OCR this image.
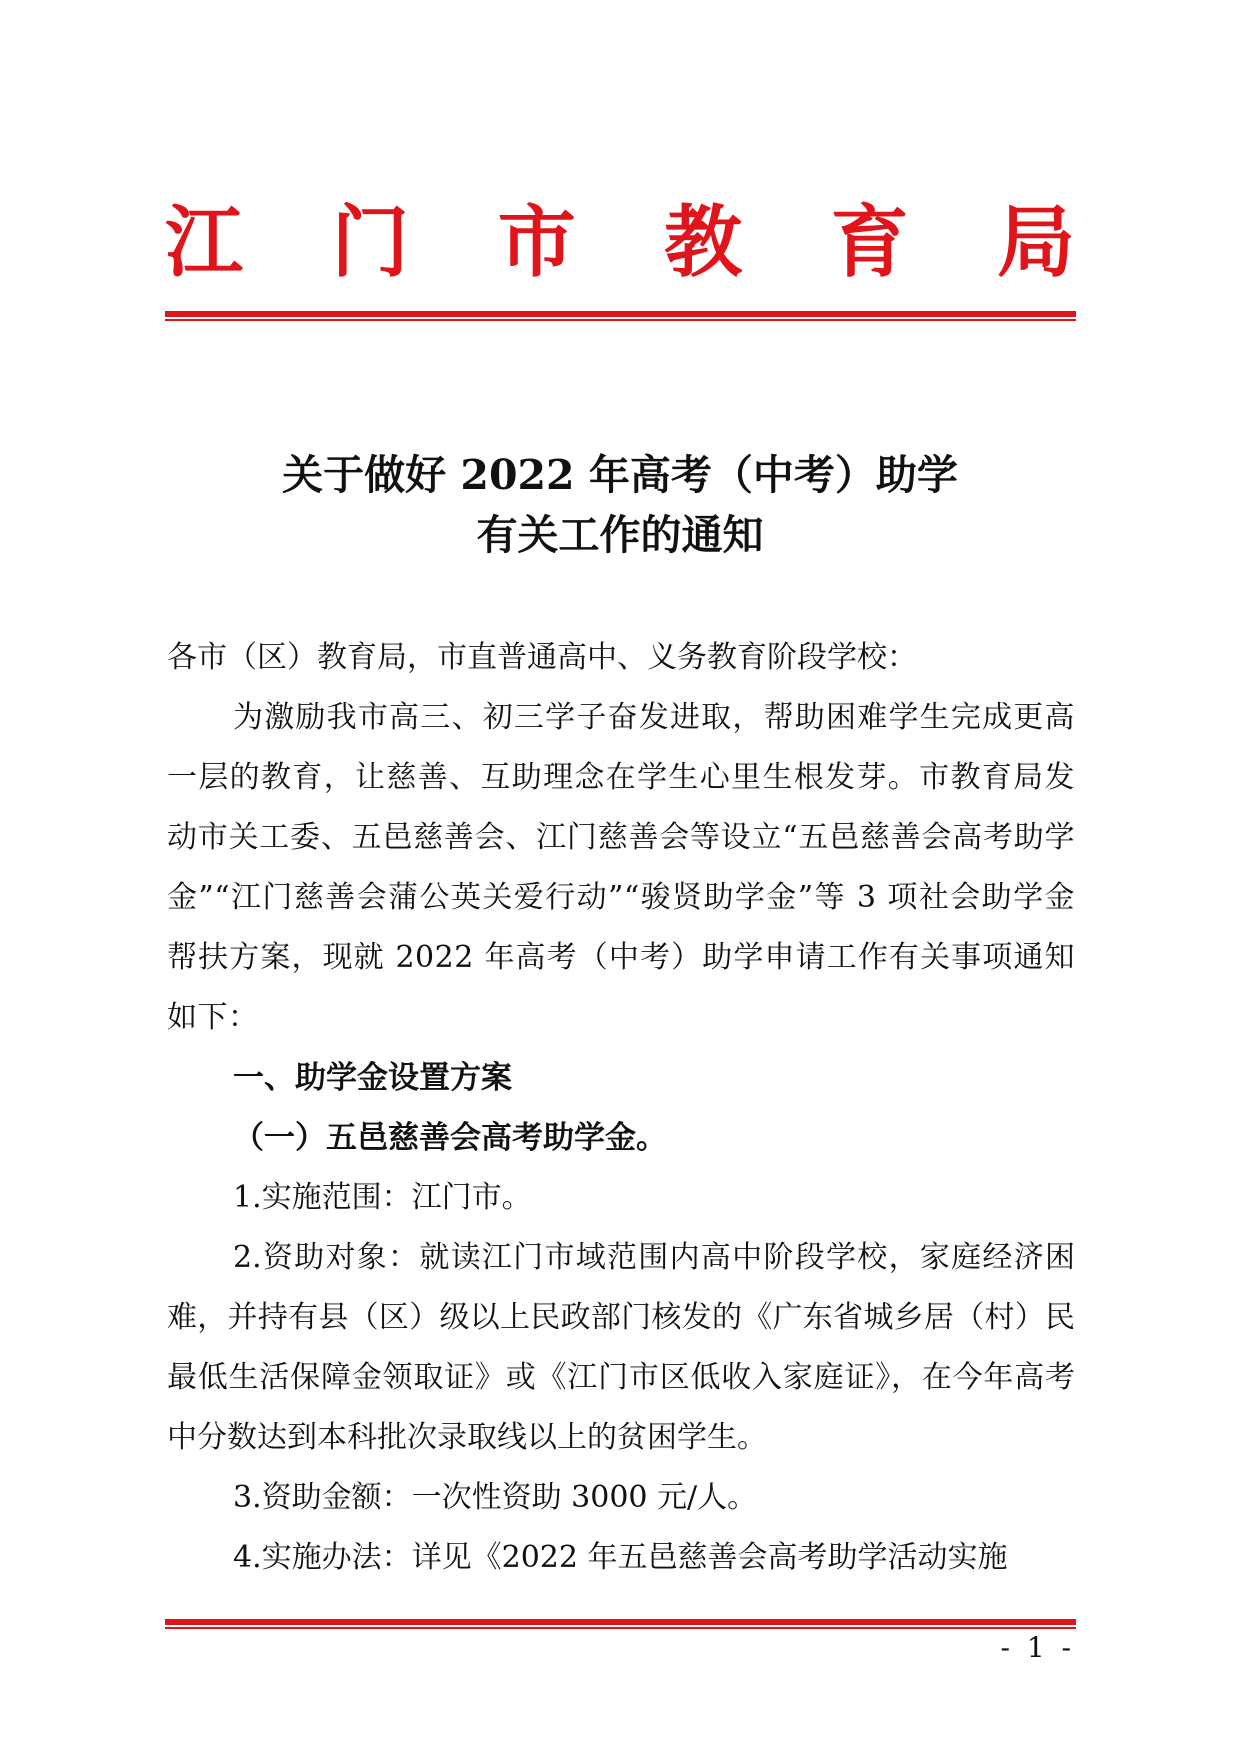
江 门 市 教 育 局
关于做好 2022 年高考（中考）助学
有关工作的通知

各市（区）教育局，市直普通高中、义务教育阶段学校：

为激励我市高三、初三学子奋发进取，帮助困难学生完成更高一层的教育，让慈善、互助理念在学生心里生根发芽。市教育局发动市关工委、五邑慈善会、江门慈善会等设立“五邑慈善会高考助学金”“江门慈善会蒲公英关爱行动”“骏贤助学金”等 3 项社会助学金帮扶方案，现就 2022 年高考（中考）助学申请工作有关事项通知如下：

一、助学金设置方案
（一）五邑慈善会高考助学金。

1.实施范围：江门市。

2.资助对象：就读江门市域范围内高中阶段学校，家庭经济困难，并持有县（区）级以上民政部门核发的《广东省城乡居（村）民最低生活保障金领取证》或《江门市区低收入家庭证》，在今年高考中分数达到本科批次录取线以上的贫困学生。

3.资助金额：一次性资助 3000 元/人。

4.实施办法：详见《2022 年五邑慈善会高考助学活动实施

- 1 -
